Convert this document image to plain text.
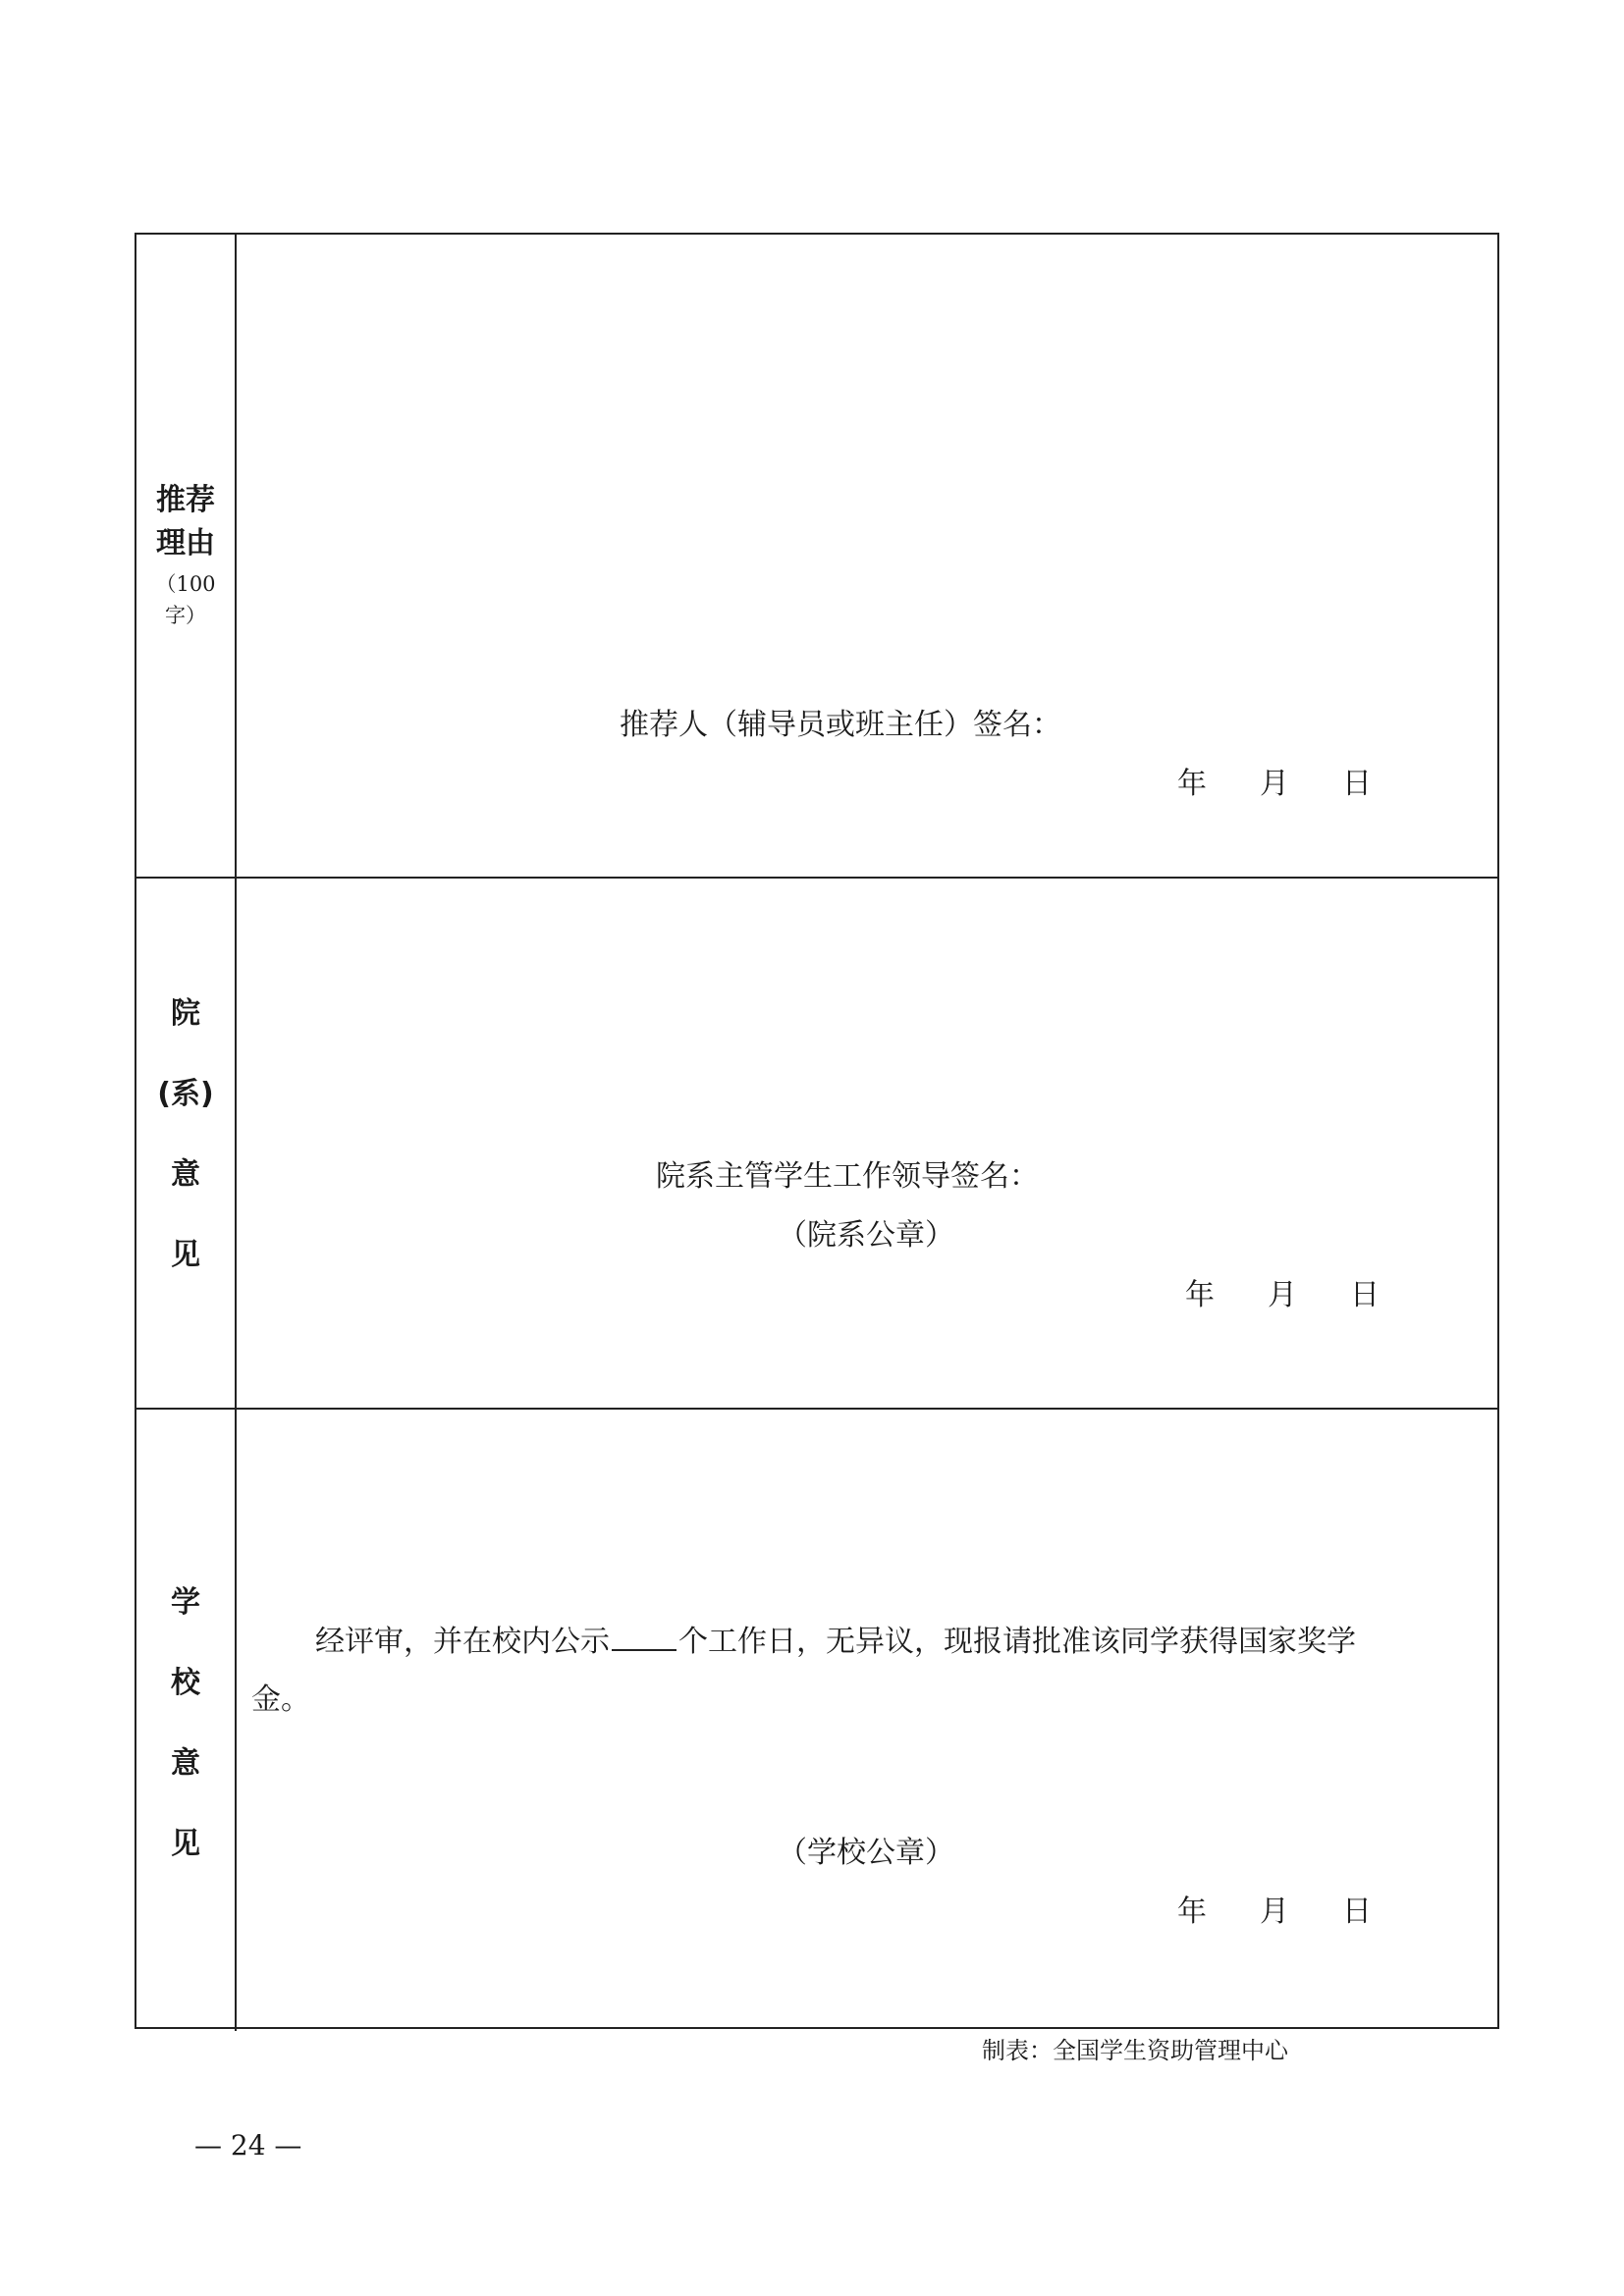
推荐
理由
（100
字）
推荐人（辅导员或班主任）签名：
年 月 日
院
(系)
意
见
院系主管学生工作领导签名：
（院系公章）
年 月 日
学
校
意
见
经评审，并在校内公示 个工作日，无异议，现报请批准该同学获得国家奖学
金。
（学校公章）
年 月 日
制表：全国学生资助管理中心
— 24 —
